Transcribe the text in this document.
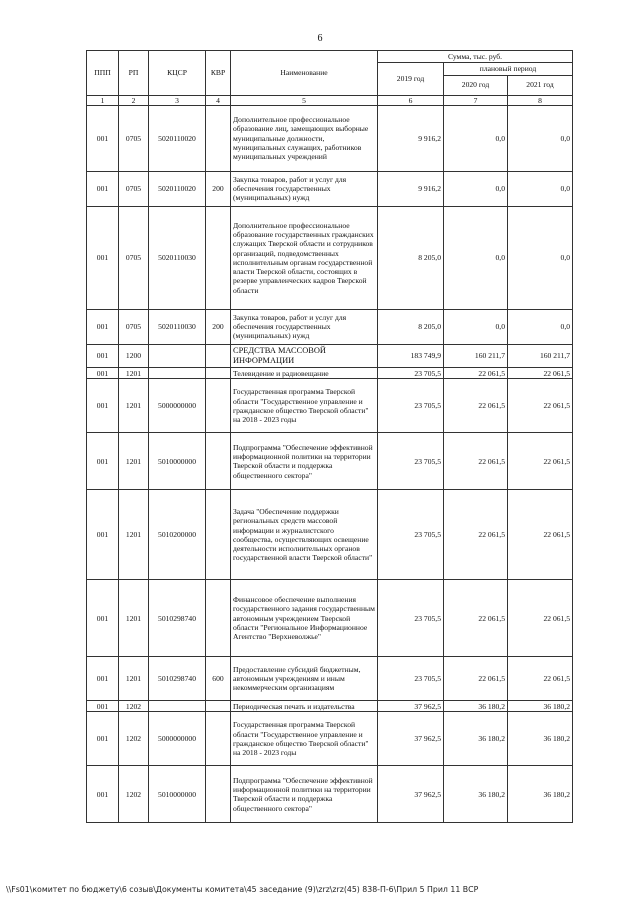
6
ППП	РП	КЦСР	КВР	Наименование	Сумма, тыс. руб.		
					2019 год	плановый период	
						2020 год	2021 год
1	2	3	4	5	6	7	8
001	0705	5020110020		Дополнительное профессиональное образование лиц, замещающих выборные муниципальные должности, муниципальных служащих, работников муниципальных учреждений	9 916,2	0,0	0,0
001	0705	5020110020	200	Закупка товаров, работ и услуг для обеспечения государственных (муниципальных) нужд	9 916,2	0,0	0,0
001	0705	5020110030		Дополнительное профессиональное образование государственных гражданских служащих Тверской области и сотрудников организаций, подведомственных исполнительным органам государственной власти Тверской области, состоящих в резерве управленческих кадров Тверской области	8 205,0	0,0	0,0
001	0705	5020110030	200	Закупка товаров, работ и услуг для обеспечения государственных (муниципальных) нужд	8 205,0	0,0	0,0
001	1200			СРЕДСТВА МАССОВОЙ ИНФОРМАЦИИ	183 749,9	160 211,7	160 211,7
001	1201			Телевидение и радиовещание	23 705,5	22 061,5	22 061,5
001	1201	5000000000		Государственная программа Тверской области "Государственное управление и гражданское общество Тверской области" на 2018 - 2023 годы	23 705,5	22 061,5	22 061,5
001	1201	5010000000		Подпрограмма "Обеспечение эффективной информационной политики на территории Тверской области и поддержка общественного сектора"	23 705,5	22 061,5	22 061,5
001	1201	5010200000		Задача "Обеспечение поддержки региональных средств массовой информации и журналистского сообщества, осуществляющих освещение деятельности исполнительных органов государственной власти Тверской области"	23 705,5	22 061,5	22 061,5
001	1201	5010298740		Финансовое обеспечение выполнения государственного задания государственным автономным учреждением Тверской области "Региональное Информационное Агентство "Верхневолжье"	23 705,5	22 061,5	22 061,5
001	1201	5010298740	600	Предоставление субсидий бюджетным, автономным учреждениям и иным некоммерческим организациям	23 705,5	22 061,5	22 061,5
001	1202			Периодическая печать и издательства	37 962,5	36 180,2	36 180,2
001	1202	5000000000		Государственная программа Тверской области "Государственное управление и гражданское общество Тверской области" на 2018 - 2023 годы	37 962,5	36 180,2	36 180,2
001	1202	5010000000		Подпрограмма "Обеспечение эффективной информационной политики на территории Тверской области и поддержка общественного сектора"	37 962,5	36 180,2	36 180,2
\\Fs01\комитет по бюджету\6 созыв\Документы комитета\45 заседание (9)\zrz\zrz(45) 838-П-6\Прил 5 Прил 11 ВСР
